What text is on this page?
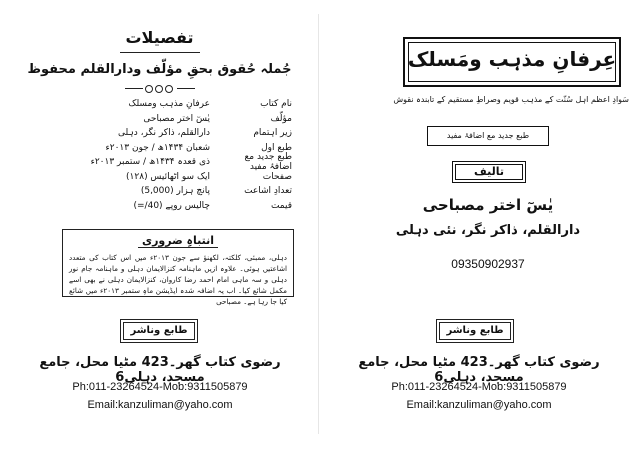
تفصیلات
جُملہ حُقوق بحقِ مؤلّف ودارالقلم محفوظ
نام کتاب
عرفانِ مذہب ومسلک
مؤلّف
یٰسٓ اختر مصباحی
زیر اہتمام
دارالقلم، ذاکر نگر، دہلی
طبع اول
شعبان ۱۴۳۴ھ / جون ۲۰۱۳ء
طبع جدید مع اضافۂ مفید
ذی قعدہ ۱۴۳۴ھ / ستمبر ۲۰۱۳ء
صفحات
ایک سو اٹھائیس (۱۲۸)
تعدادِ اشاعت
پانچ ہزار (5,000)
قیمت
چالیس روپے (40/=)
انتباہِ ضروری
دہلی، ممبئی، کلکتہ، لکھنؤ سے جون ۲۰۱۳ء میں اس کتاب کی متعدد اشاعتیں ہوئی۔ علاوہ ازیں ماہنامہ کنزالایمان دہلی و ماہنامہ جام نور دہلی و سہ ماہی امام احمد رضا کاروان، کنزالایمان دہلی نے بھی اسے مکمل شائع کیا۔ اب یہ اضافہ شدہ ایڈیشن ماہِ ستمبر ۲۰۱۳ء میں شائع کیا جا رہا ہے۔ مصباحی
طابع وناشر
رضوی کتاب گھر۔423 مٹیا محل، جامع مسجد، دہلی6
Ph:011-23264524-Mob:9311505879
Email:kanzuliman@yaho.com
عِرفانِ مذہب ومَسلک
سَوادِ اعظم اہل سُنّت کے مذہب قویم وصراطِ مستقیم کے تابندہ نقوش
طبع جدید مع اضافۂ مفید
تالیف
یٰسٓ اختر مصباحی
دارالقلم، ذاکر نگر، نئی دہلی
09350902937
طابع وناشر
رضوی کتاب گھر۔423 مٹیا محل، جامع مسجد، دہلی6
Ph:011-23264524-Mob:9311505879
Email:kanzuliman@yaho.com
